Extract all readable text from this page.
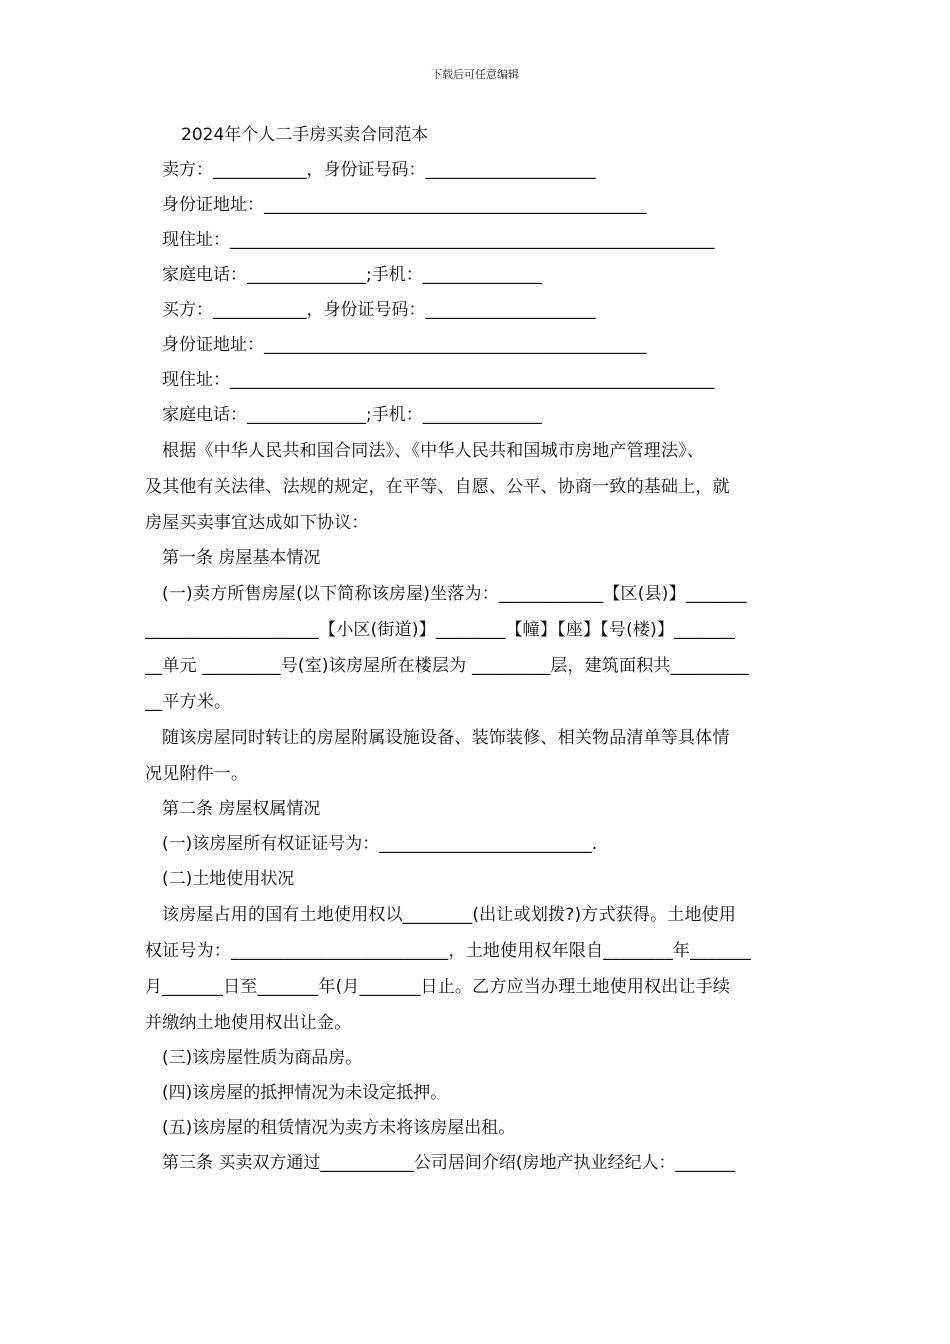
下载后可任意编辑
2024年个人二手房买卖合同范本
卖方：___________，身份证号码：____________________
身份证地址：_____________________________________________
现住址：_________________________________________________________
家庭电话：______________;手机：______________
买方：___________，身份证号码：____________________
身份证地址：_____________________________________________
现住址：_________________________________________________________
家庭电话：______________;手机：______________
根据《中华人民共和国合同法》、《中华人民共和国城市房地产管理法》、
及其他有关法律、法规的规定，在平等、自愿、公平、协商一致的基础上，就
房屋买卖事宜达成如下协议：
第一条 房屋基本情况
(一)卖方所售房屋(以下简称该房屋)坐落为：____________【区(县)】_______
____________________【小区(街道)】________【幢】【座】【号(楼)】_______
__单元 _________号(室)该房屋所在楼层为 _________层，建筑面积共_________
__平方米。
随该房屋同时转让的房屋附属设施设备、装饰装修、相关物品清单等具体情
况见附件一。
第二条 房屋权属情况
(一)该房屋所有权证证号为：_________________________.
(二)土地使用状况
该房屋占用的国有土地使用权以________(出让或划拨?)方式获得。土地使用
权证号为：_________________________，土地使用权年限自________年_______
月_______日至_______年(月_______日止。乙方应当办理土地使用权出让手续
并缴纳土地使用权出让金。
(三)该房屋性质为商品房。
(四)该房屋的抵押情况为未设定抵押。
(五)该房屋的租赁情况为卖方未将该房屋出租。
第三条 买卖双方通过___________公司居间介绍(房地产执业经纪人：_______
